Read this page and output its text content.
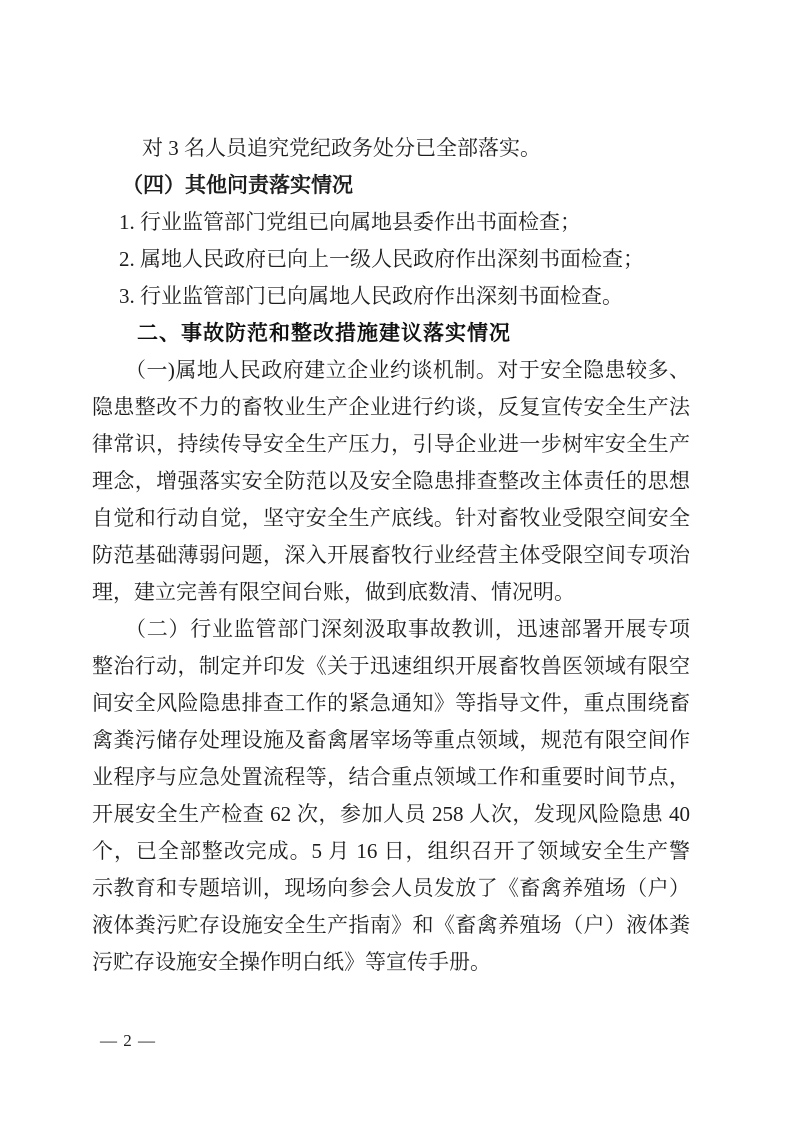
对 3 名人员追究党纪政务处分已全部落实。
（四）其他问责落实情况
1. 行业监管部门党组已向属地县委作出书面检查；
2. 属地人民政府已向上一级人民政府作出深刻书面检查；
3. 行业监管部门已向属地人民政府作出深刻书面检查。
二、事故防范和整改措施建议落实情况
（一)属地人民政府建立企业约谈机制。对于安全隐患较多、
隐患整改不力的畜牧业生产企业进行约谈，反复宣传安全生产法
律常识，持续传导安全生产压力，引导企业进一步树牢安全生产
理念，增强落实安全防范以及安全隐患排查整改主体责任的思想
自觉和行动自觉，坚守安全生产底线。针对畜牧业受限空间安全
防范基础薄弱问题，深入开展畜牧行业经营主体受限空间专项治
理，建立完善有限空间台账，做到底数清、情况明。
（二）行业监管部门深刻汲取事故教训，迅速部署开展专项
整治行动，制定并印发《关于迅速组织开展畜牧兽医领域有限空
间安全风险隐患排查工作的紧急通知》等指导文件，重点围绕畜
禽粪污储存处理设施及畜禽屠宰场等重点领域，规范有限空间作
业程序与应急处置流程等，结合重点领域工作和重要时间节点，
开展安全生产检查 62 次，参加人员 258 人次，发现风险隐患 40
个，已全部整改完成。5 月 16 日，组织召开了领域安全生产警
示教育和专题培训，现场向参会人员发放了《畜禽养殖场（户）
液体粪污贮存设施安全生产指南》和《畜禽养殖场（户）液体粪
污贮存设施安全操作明白纸》等宣传手册。
— 2 —
